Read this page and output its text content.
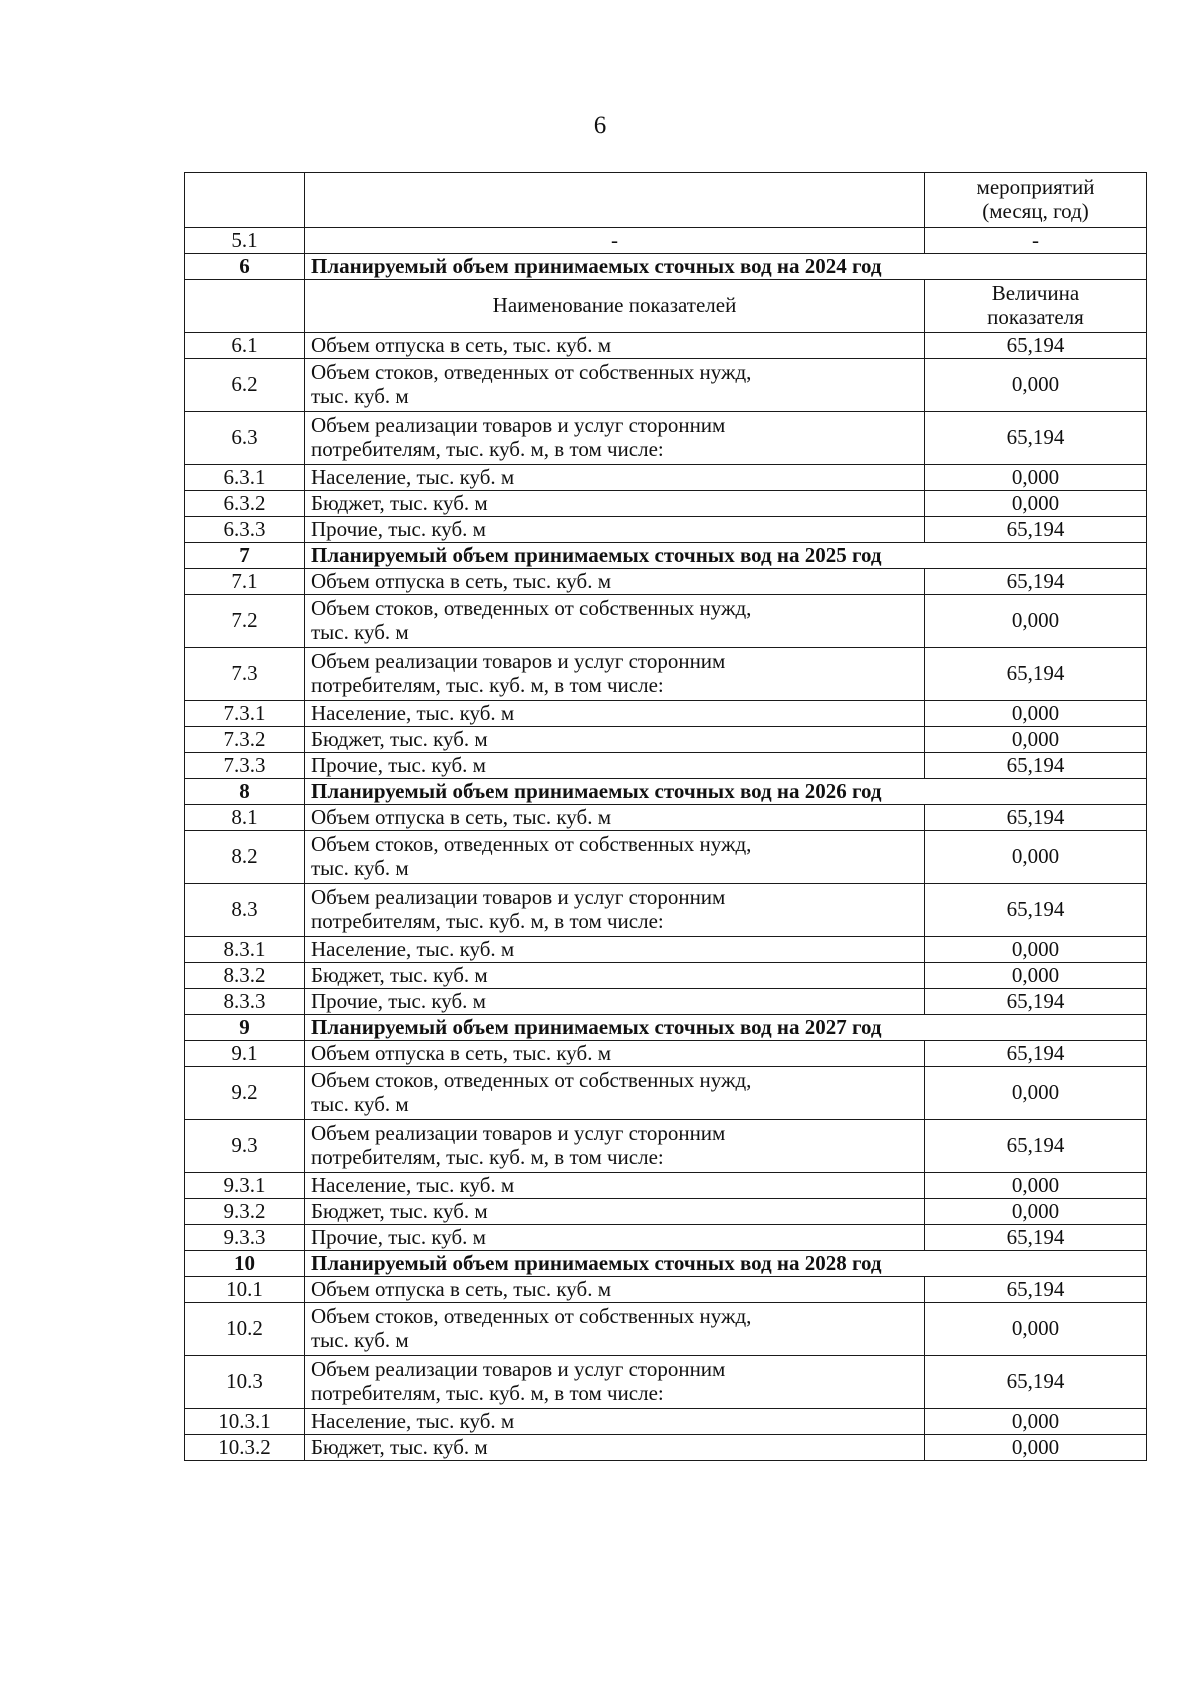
6
		мероприятий
(месяц, год)
5.1	-	-
6	Планируемый объем принимаемых сточных вод на 2024 год	
	Наименование показателей	Величина
показателя
6.1	Объем отпуска в сеть, тыс. куб. м	65,194
6.2	Объем стоков, отведенных от собственных нужд,
тыс. куб. м	0,000
6.3	Объем реализации товаров и услуг сторонним
потребителям, тыс. куб. м, в том числе:	65,194
6.3.1	Население, тыс. куб. м	0,000
6.3.2	Бюджет, тыс. куб. м	0,000
6.3.3	Прочие, тыс. куб. м	65,194
7	Планируемый объем принимаемых сточных вод на 2025 год	
7.1	Объем отпуска в сеть, тыс. куб. м	65,194
7.2	Объем стоков, отведенных от собственных нужд,
тыс. куб. м	0,000
7.3	Объем реализации товаров и услуг сторонним
потребителям, тыс. куб. м, в том числе:	65,194
7.3.1	Население, тыс. куб. м	0,000
7.3.2	Бюджет, тыс. куб. м	0,000
7.3.3	Прочие, тыс. куб. м	65,194
8	Планируемый объем принимаемых сточных вод на 2026 год	
8.1	Объем отпуска в сеть, тыс. куб. м	65,194
8.2	Объем стоков, отведенных от собственных нужд,
тыс. куб. м	0,000
8.3	Объем реализации товаров и услуг сторонним
потребителям, тыс. куб. м, в том числе:	65,194
8.3.1	Население, тыс. куб. м	0,000
8.3.2	Бюджет, тыс. куб. м	0,000
8.3.3	Прочие, тыс. куб. м	65,194
9	Планируемый объем принимаемых сточных вод на 2027 год	
9.1	Объем отпуска в сеть, тыс. куб. м	65,194
9.2	Объем стоков, отведенных от собственных нужд,
тыс. куб. м	0,000
9.3	Объем реализации товаров и услуг сторонним
потребителям, тыс. куб. м, в том числе:	65,194
9.3.1	Население, тыс. куб. м	0,000
9.3.2	Бюджет, тыс. куб. м	0,000
9.3.3	Прочие, тыс. куб. м	65,194
10	Планируемый объем принимаемых сточных вод на 2028 год	
10.1	Объем отпуска в сеть, тыс. куб. м	65,194
10.2	Объем стоков, отведенных от собственных нужд,
тыс. куб. м	0,000
10.3	Объем реализации товаров и услуг сторонним
потребителям, тыс. куб. м, в том числе:	65,194
10.3.1	Население, тыс. куб. м	0,000
10.3.2	Бюджет, тыс. куб. м	0,000
